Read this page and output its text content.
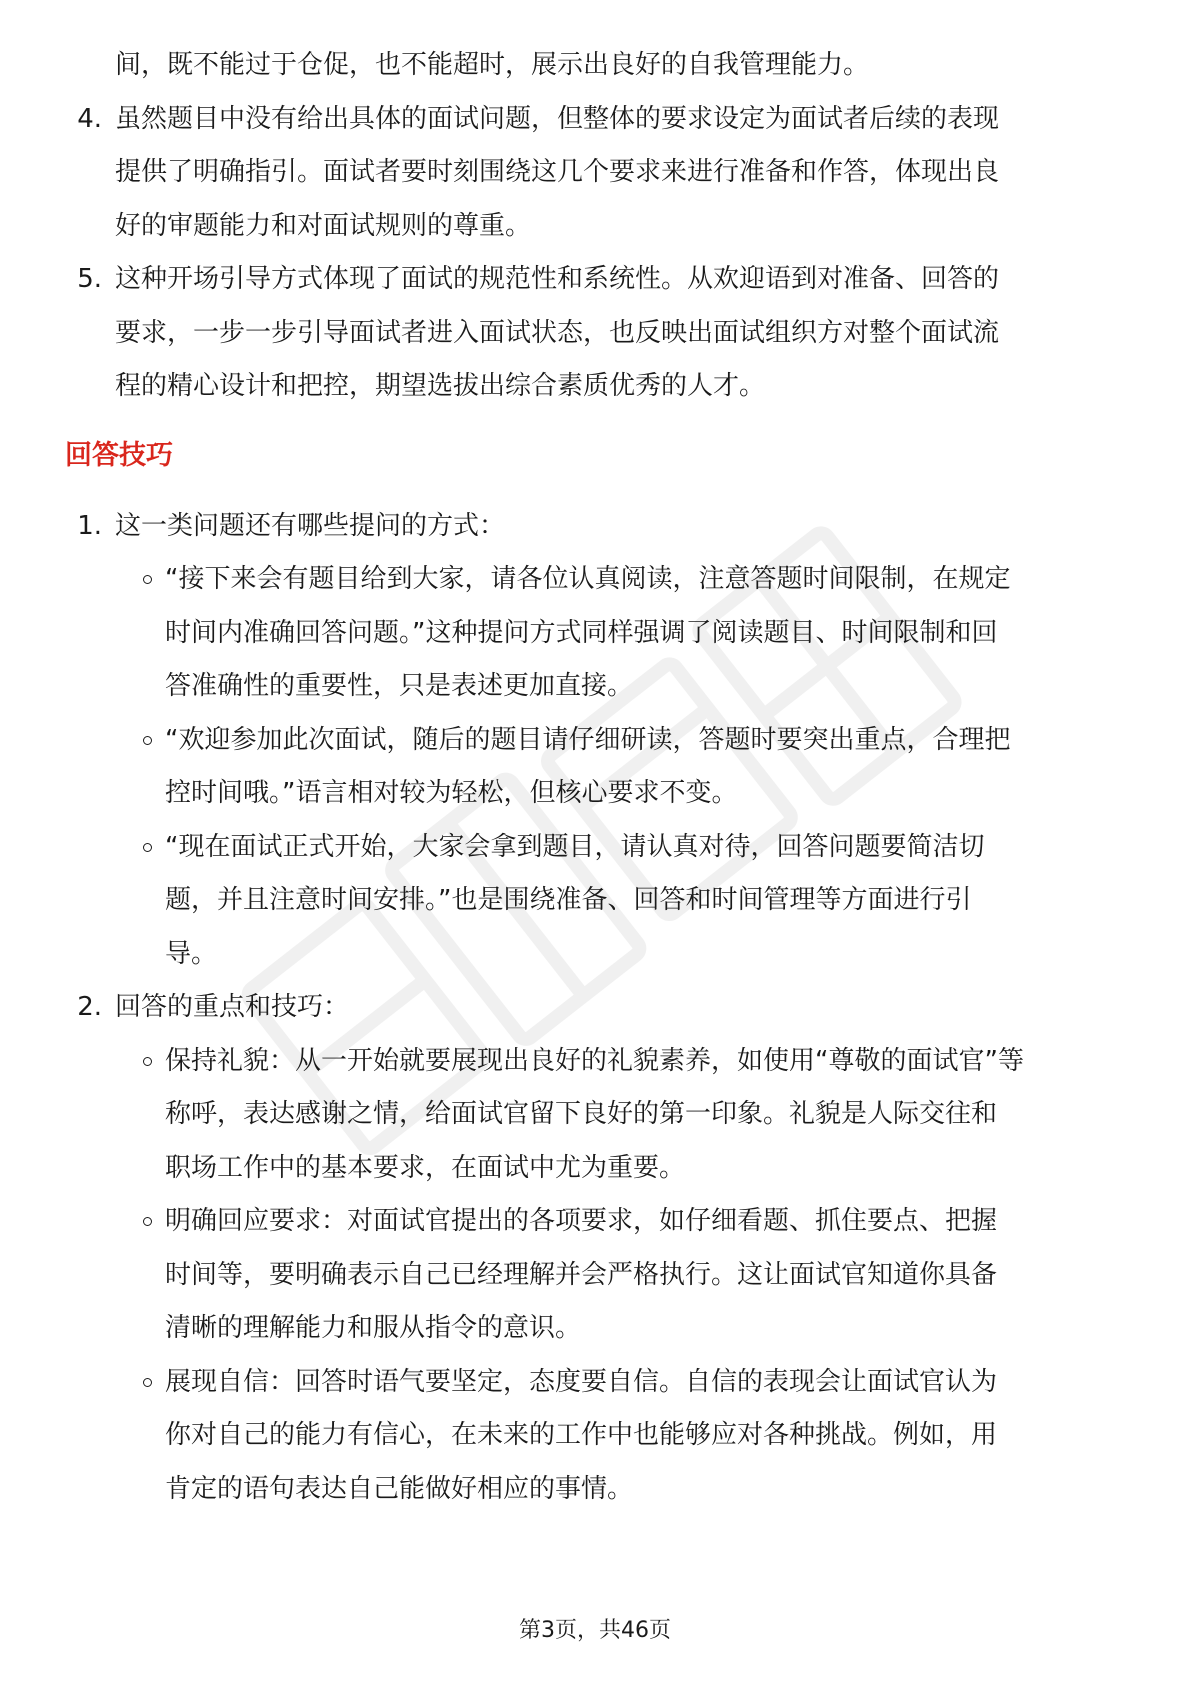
间，既不能过于仓促，也不能超时，展示出良好的自我管理能力。
4. 虽然题目中没有给出具体的面试问题，但整体的要求设定为面试者后续的表现
提供了明确指引。面试者要时刻围绕这几个要求来进行准备和作答，体现出良
好的审题能力和对面试规则的尊重。
5. 这种开场引导方式体现了面试的规范性和系统性。从欢迎语到对准备、回答的
要求，一步一步引导面试者进入面试状态，也反映出面试组织方对整个面试流
程的精心设计和把控，期望选拔出综合素质优秀的人才。
回答技巧
1. 这一类问题还有哪些提问的方式：
“接下来会有题目给到大家，请各位认真阅读，注意答题时间限制，在规定
时间内准确回答问题。”这种提问方式同样强调了阅读题目、时间限制和回
答准确性的重要性，只是表述更加直接。
“欢迎参加此次面试，随后的题目请仔细研读，答题时要突出重点，合理把
控时间哦。”语言相对较为轻松，但核心要求不变。
“现在面试正式开始，大家会拿到题目，请认真对待，回答问题要简洁切
题，并且注意时间安排。”也是围绕准备、回答和时间管理等方面进行引
导。
2. 回答的重点和技巧：
保持礼貌：从一开始就要展现出良好的礼貌素养，如使用“尊敬的面试官”等
称呼，表达感谢之情，给面试官留下良好的第一印象。礼貌是人际交往和
职场工作中的基本要求，在面试中尤为重要。
明确回应要求：对面试官提出的各项要求，如仔细看题、抓住要点、把握
时间等，要明确表示自己已经理解并会严格执行。这让面试官知道你具备
清晰的理解能力和服从指令的意识。
展现自信：回答时语气要坚定，态度要自信。自信的表现会让面试官认为
你对自己的能力有信心，在未来的工作中也能够应对各种挑战。例如，用
肯定的语句表达自己能做好相应的事情。
第3页，共46页
